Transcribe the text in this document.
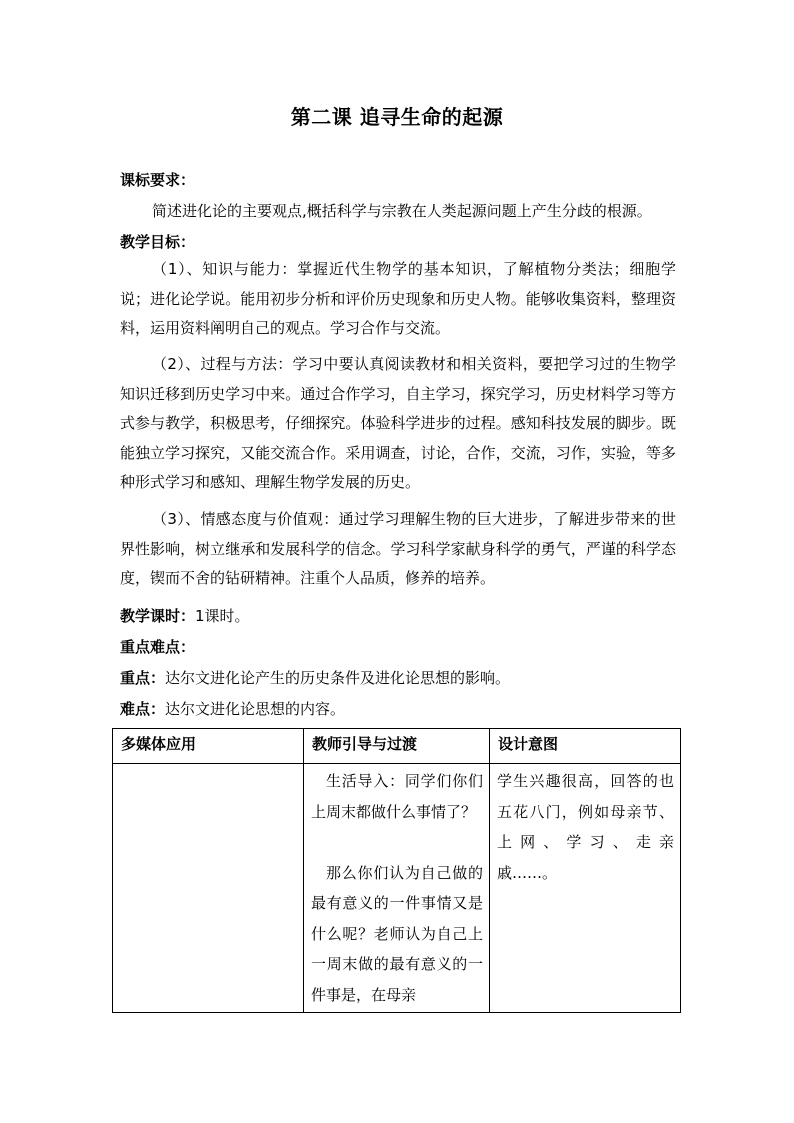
第二课 追寻生命的起源
课标要求：
简述进化论的主要观点,概括科学与宗教在人类起源问题上产生分歧的根源。
教学目标：
（1）、知识与能力：掌握近代生物学的基本知识，了解植物分类法；细胞学说；进化论学说。能用初步分析和评价历史现象和历史人物。能够收集资料，整理资料，运用资料阐明自己的观点。学习合作与交流。
（2）、过程与方法：学习中要认真阅读教材和相关资料，要把学习过的生物学知识迁移到历史学习中来。通过合作学习，自主学习，探究学习，历史材料学习等方式参与教学，积极思考，仔细探究。体验科学进步的过程。感知科技发展的脚步。既能独立学习探究，又能交流合作。采用调查，讨论，合作，交流，习作，实验，等多种形式学习和感知、理解生物学发展的历史。
（3）、情感态度与价值观：通过学习理解生物的巨大进步，了解进步带来的世界性影响，树立继承和发展科学的信念。学习科学家献身科学的勇气，严谨的科学态度，锲而不舍的钻研精神。注重个人品质，修养的培养。
教学课时：1课时。
重点难点：
重点：达尔文进化论产生的历史条件及进化论思想的影响。
难点：达尔文进化论思想的内容。
多媒体应用	教师引导与过渡	设计意图

	生活导入：同学们你们上周末都做什么事情了？

那么你们认为自己做的最有意义的一件事情又是什么呢？老师认为自己上一周末做的最有意义的一件事是，在母亲	学生兴趣很高，回答的也五花八门，例如母亲节、上网、学习、走亲戚……。
